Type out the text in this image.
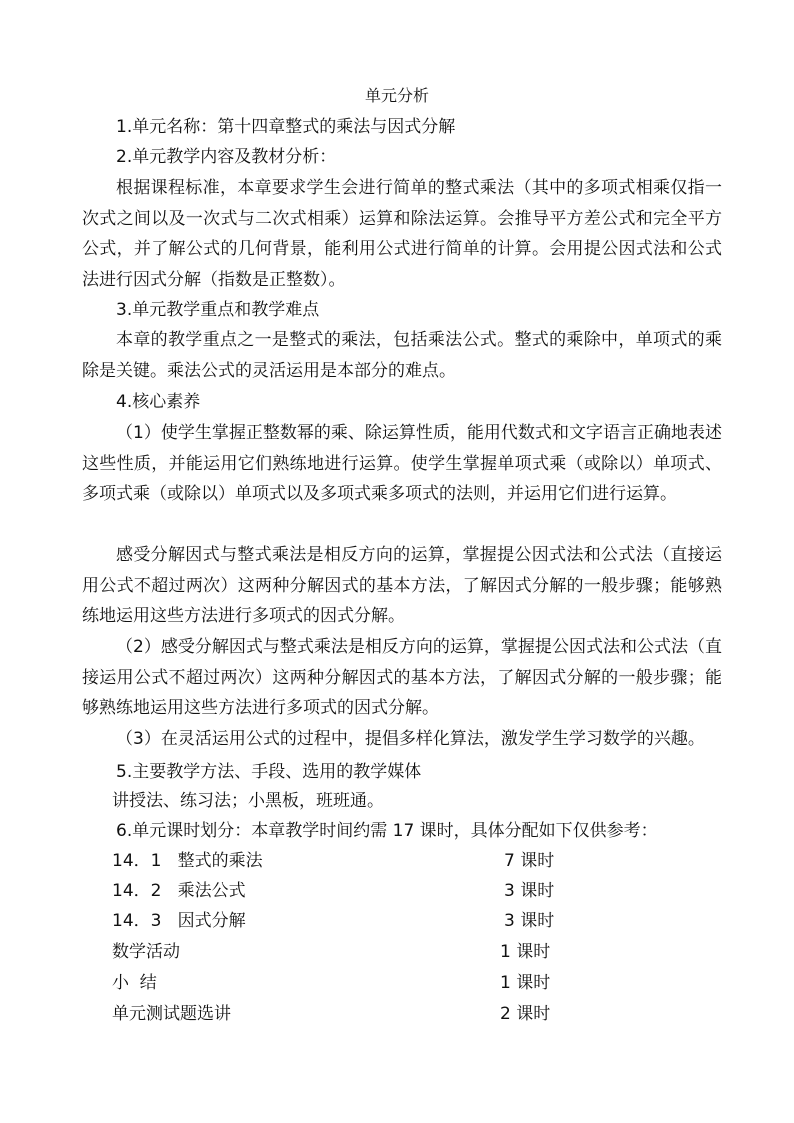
单元分析
1.单元名称：第十四章整式的乘法与因式分解
2.单元教学内容及教材分析：
根据课程标准，本章要求学生会进行简单的整式乘法（其中的多项式相乘仅指一次式之间以及一次式与二次式相乘）运算和除法运算。会推导平方差公式和完全平方公式，并了解公式的几何背景，能利用公式进行简单的计算。会用提公因式法和公式法进行因式分解（指数是正整数）。
3.单元教学重点和教学难点
本章的教学重点之一是整式的乘法，包括乘法公式。整式的乘除中，单项式的乘除是关键。乘法公式的灵活运用是本部分的难点。
4.核心素养
（1）使学生掌握正整数幂的乘、除运算性质，能用代数式和文字语言正确地表述这些性质，并能运用它们熟练地进行运算。使学生掌握单项式乘（或除以）单项式、多项式乘（或除以）单项式以及多项式乘多项式的法则，并运用它们进行运算。
感受分解因式与整式乘法是相反方向的运算，掌握提公因式法和公式法（直接运用公式不超过两次）这两种分解因式的基本方法，了解因式分解的一般步骤；能够熟练地运用这些方法进行多项式的因式分解。
（2）感受分解因式与整式乘法是相反方向的运算，掌握提公因式法和公式法（直接运用公式不超过两次）这两种分解因式的基本方法，了解因式分解的一般步骤；能够熟练地运用这些方法进行多项式的因式分解。
（3）在灵活运用公式的过程中，提倡多样化算法，激发学生学习数学的兴趣。
5.主要教学方法、手段、选用的教学媒体
讲授法、练习法；小黑板，班班通。
6.单元课时划分：本章教学时间约需 17 课时，具体分配如下仅供参考：
14．1   整式的乘法	7 课时
14．2   乘法公式	3 课时
14．3   因式分解	3 课时
数学活动	1 课时
小  结	1 课时
单元测试题选讲	2 课时
